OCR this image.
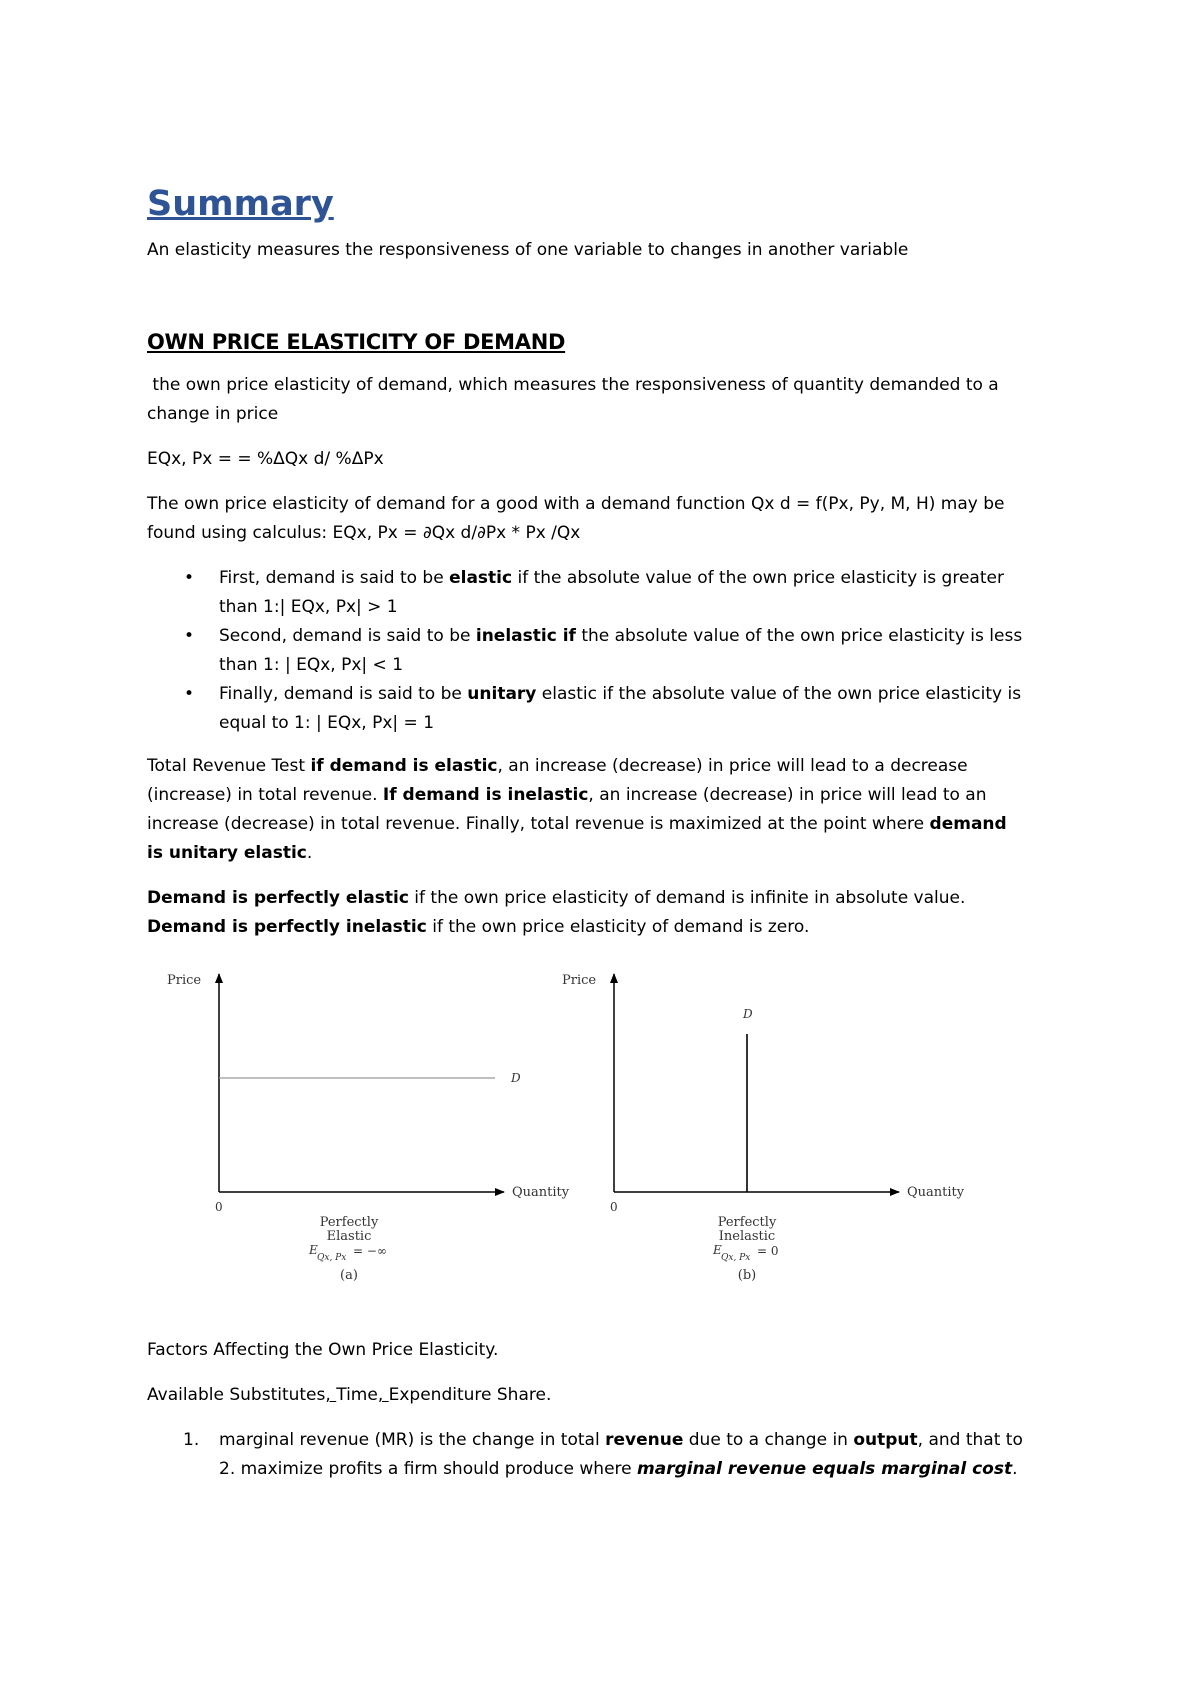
Summary

An elasticity measures the responsiveness of one variable to changes in another variable

OWN PRICE ELASTICITY OF DEMAND

the own price elasticity of demand, which measures the responsiveness of quantity demanded to a

change in price

EQx, Px = = %ΔQx d/ %ΔPx

The own price elasticity of demand for a good with a demand function Qx d = f(Px, Py, M, H) may be

found using calculus: EQx, Px = ∂Qx d/∂Px * Px /Qx

• First, demand is said to be elastic if the absolute value of the own price elasticity is greater
than 1:| EQx, Px| > 1
• Second, demand is said to be inelastic if the absolute value of the own price elasticity is less
than 1: | EQx, Px| < 1
• Finally, demand is said to be unitary elastic if the absolute value of the own price elasticity is
equal to 1: | EQx, Px| = 1

Total Revenue Test if demand is elastic, an increase (decrease) in price will lead to a decrease
(increase) in total revenue. If demand is inelastic, an increase (decrease) in price will lead to an
increase (decrease) in total revenue. Finally, total revenue is maximized at the point where demand
is unitary elastic.

Demand is perfectly elastic if the own price elasticity of demand is infinite in absolute value.

Demand is perfectly inelastic if the own price elasticity of demand is zero.

Price
Quantity
0
D
Perfectly
Elastic
E
Qx, Px = −∞
(a)
Price
Quantity
0
D
Perfectly
Inelastic
E
Qx, Px = 0
(b)

Factors Affecting the Own Price Elasticity.

Available Substitutes, Time, Expenditure Share.

1. marginal revenue (MR) is the change in total revenue due to a change in output, and that to
2. maximize profits a firm should produce where marginal revenue equals marginal cost.
